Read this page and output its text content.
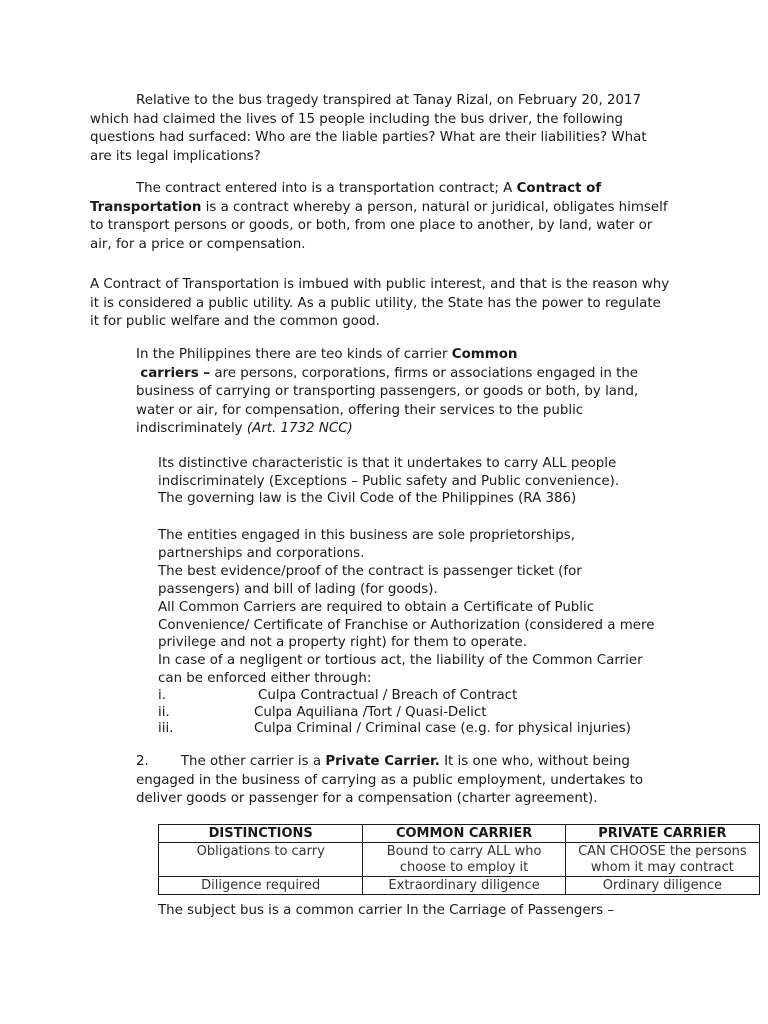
Relative to the bus tragedy transpired at Tanay Rizal, on February 20, 2017 which had claimed the lives of 15 people including the bus driver, the following questions had surfaced: Who are the liable parties? What are their liabilities? What are its legal implications?

The contract entered into is a transportation contract; A Contract of Transportation is a contract whereby a person, natural or juridical, obligates himself to transport persons or goods, or both, from one place to another, by land, water or air, for a price or compensation.

A Contract of Transportation is imbued with public interest, and that is the reason why it is considered a public utility. As a public utility, the State has the power to regulate it for public welfare and the common good.

In the Philippines there are teo kinds of carrier Common
carriers – are persons, corporations, firms or associations engaged in the business of carrying or transporting passengers, or goods or both, by land, water or air, for compensation, offering their services to the public indiscriminately (Art. 1732 NCC)

Its distinctive characteristic is that it undertakes to carry ALL people

indiscriminately (Exceptions – Public safety and Public convenience).

The governing law is the Civil Code of the Philippines (RA 386)

The entities engaged in this business are sole proprietorships,

partnerships and corporations.

The best evidence/proof of the contract is passenger ticket (for

passengers) and bill of lading (for goods).

All Common Carriers are required to obtain a Certificate of Public

Convenience/ Certificate of Franchise or Authorization (considered a mere

privilege and not a property right) for them to operate.

In case of a negligent or tortious act, the liability of the Common Carrier

can be enforced either through:

i.	Culpa Contractual / Breach of Contract
ii.	Culpa Aquiliana /Tort / Quasi-Delict
iii.	Culpa Criminal / Criminal case (e.g. for physical injuries)

2. The other carrier is a Private Carrier. It is one who, without being engaged in the business of carrying as a public employment, undertakes to deliver goods or passenger for a compensation (charter agreement).

DISTINCTIONS	COMMON CARRIER	PRIVATE CARRIER
Obligations to carry	Bound to carry ALL who choose to employ it	CAN CHOOSE the persons whom it may contract
Diligence required	Extraordinary diligence	Ordinary diligence

The subject bus is a common carrier In the Carriage of Passengers –
